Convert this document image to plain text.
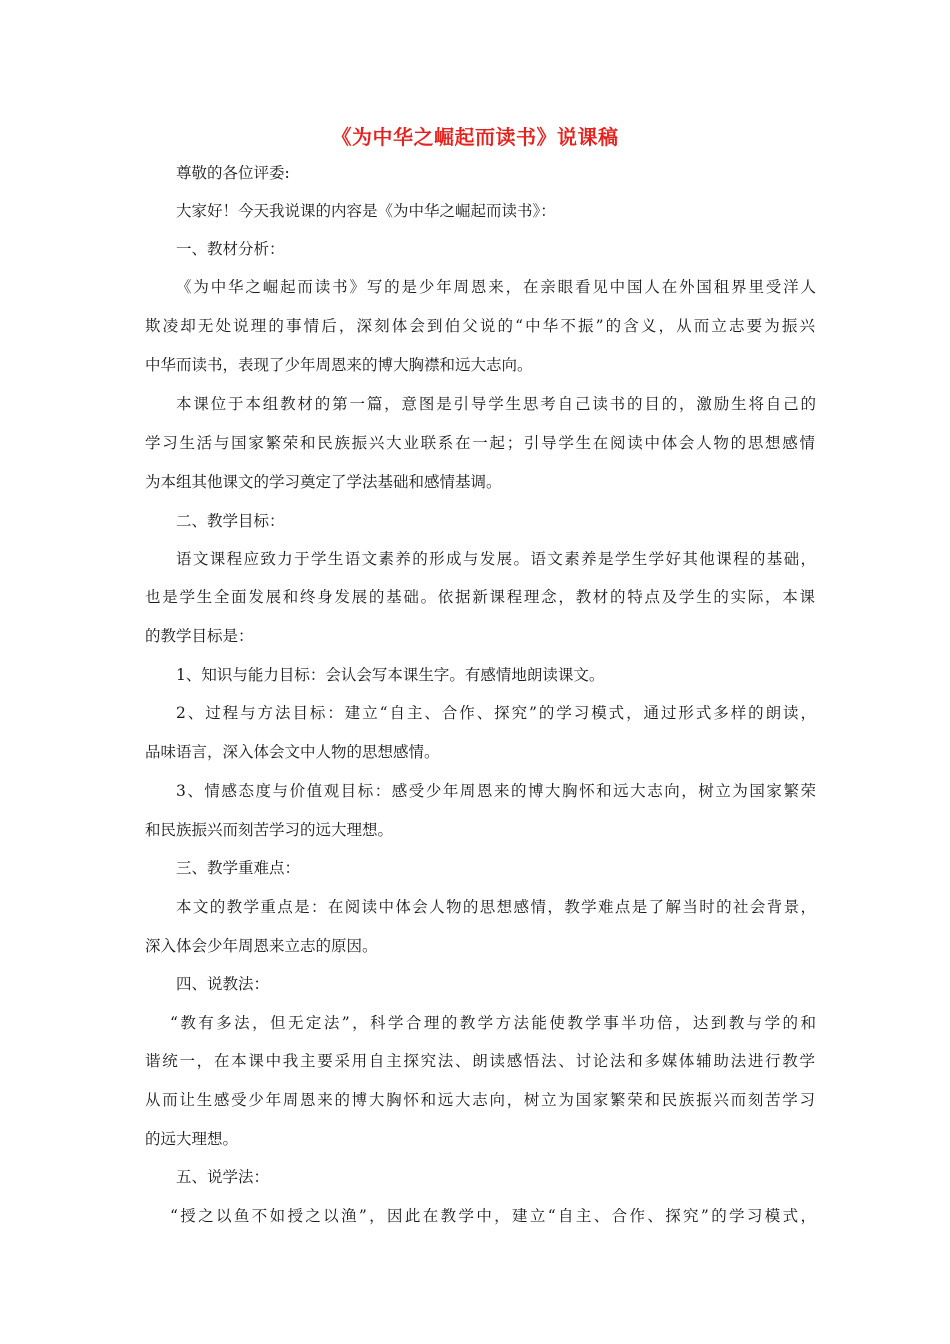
《为中华之崛起而读书》说课稿
尊敬的各位评委:
大家好！今天我说课的内容是《为中华之崛起而读书》：
一、教材分析：
《为中华之崛起而读书》写的是少年周恩来，在亲眼看见中国人在外国租界里受洋人
欺凌却无处说理的事情后，深刻体会到伯父说的“中华不振”的含义，从而立志要为振兴
中华而读书，表现了少年周恩来的博大胸襟和远大志向。
本课位于本组教材的第一篇，意图是引导学生思考自己读书的目的，激励生将自己的
学习生活与国家繁荣和民族振兴大业联系在一起；引导学生在阅读中体会人物的思想感情
为本组其他课文的学习奠定了学法基础和感情基调。
二、教学目标：
语文课程应致力于学生语文素养的形成与发展。语文素养是学生学好其他课程的基础，
也是学生全面发展和终身发展的基础。依据新课程理念，教材的特点及学生的实际，本课
的教学目标是：
1、知识与能力目标：会认会写本课生字。有感情地朗读课文。
2、过程与方法目标：建立“自主、合作、探究”的学习模式，通过形式多样的朗读，
品味语言，深入体会文中人物的思想感情。
3、情感态度与价值观目标：感受少年周恩来的博大胸怀和远大志向，树立为国家繁荣
和民族振兴而刻苦学习的远大理想。
三、教学重难点：
本文的教学重点是：在阅读中体会人物的思想感情，教学难点是了解当时的社会背景，
深入体会少年周恩来立志的原因。
四、说教法：
“教有多法，但无定法”，科学合理的教学方法能使教学事半功倍，达到教与学的和
谐统一，在本课中我主要采用自主探究法、朗读感悟法、讨论法和多媒体辅助法进行教学
从而让生感受少年周恩来的博大胸怀和远大志向，树立为国家繁荣和民族振兴而刻苦学习
的远大理想。
五、说学法：
“授之以鱼不如授之以渔”，因此在教学中，建立“自主、合作、探究”的学习模式，
